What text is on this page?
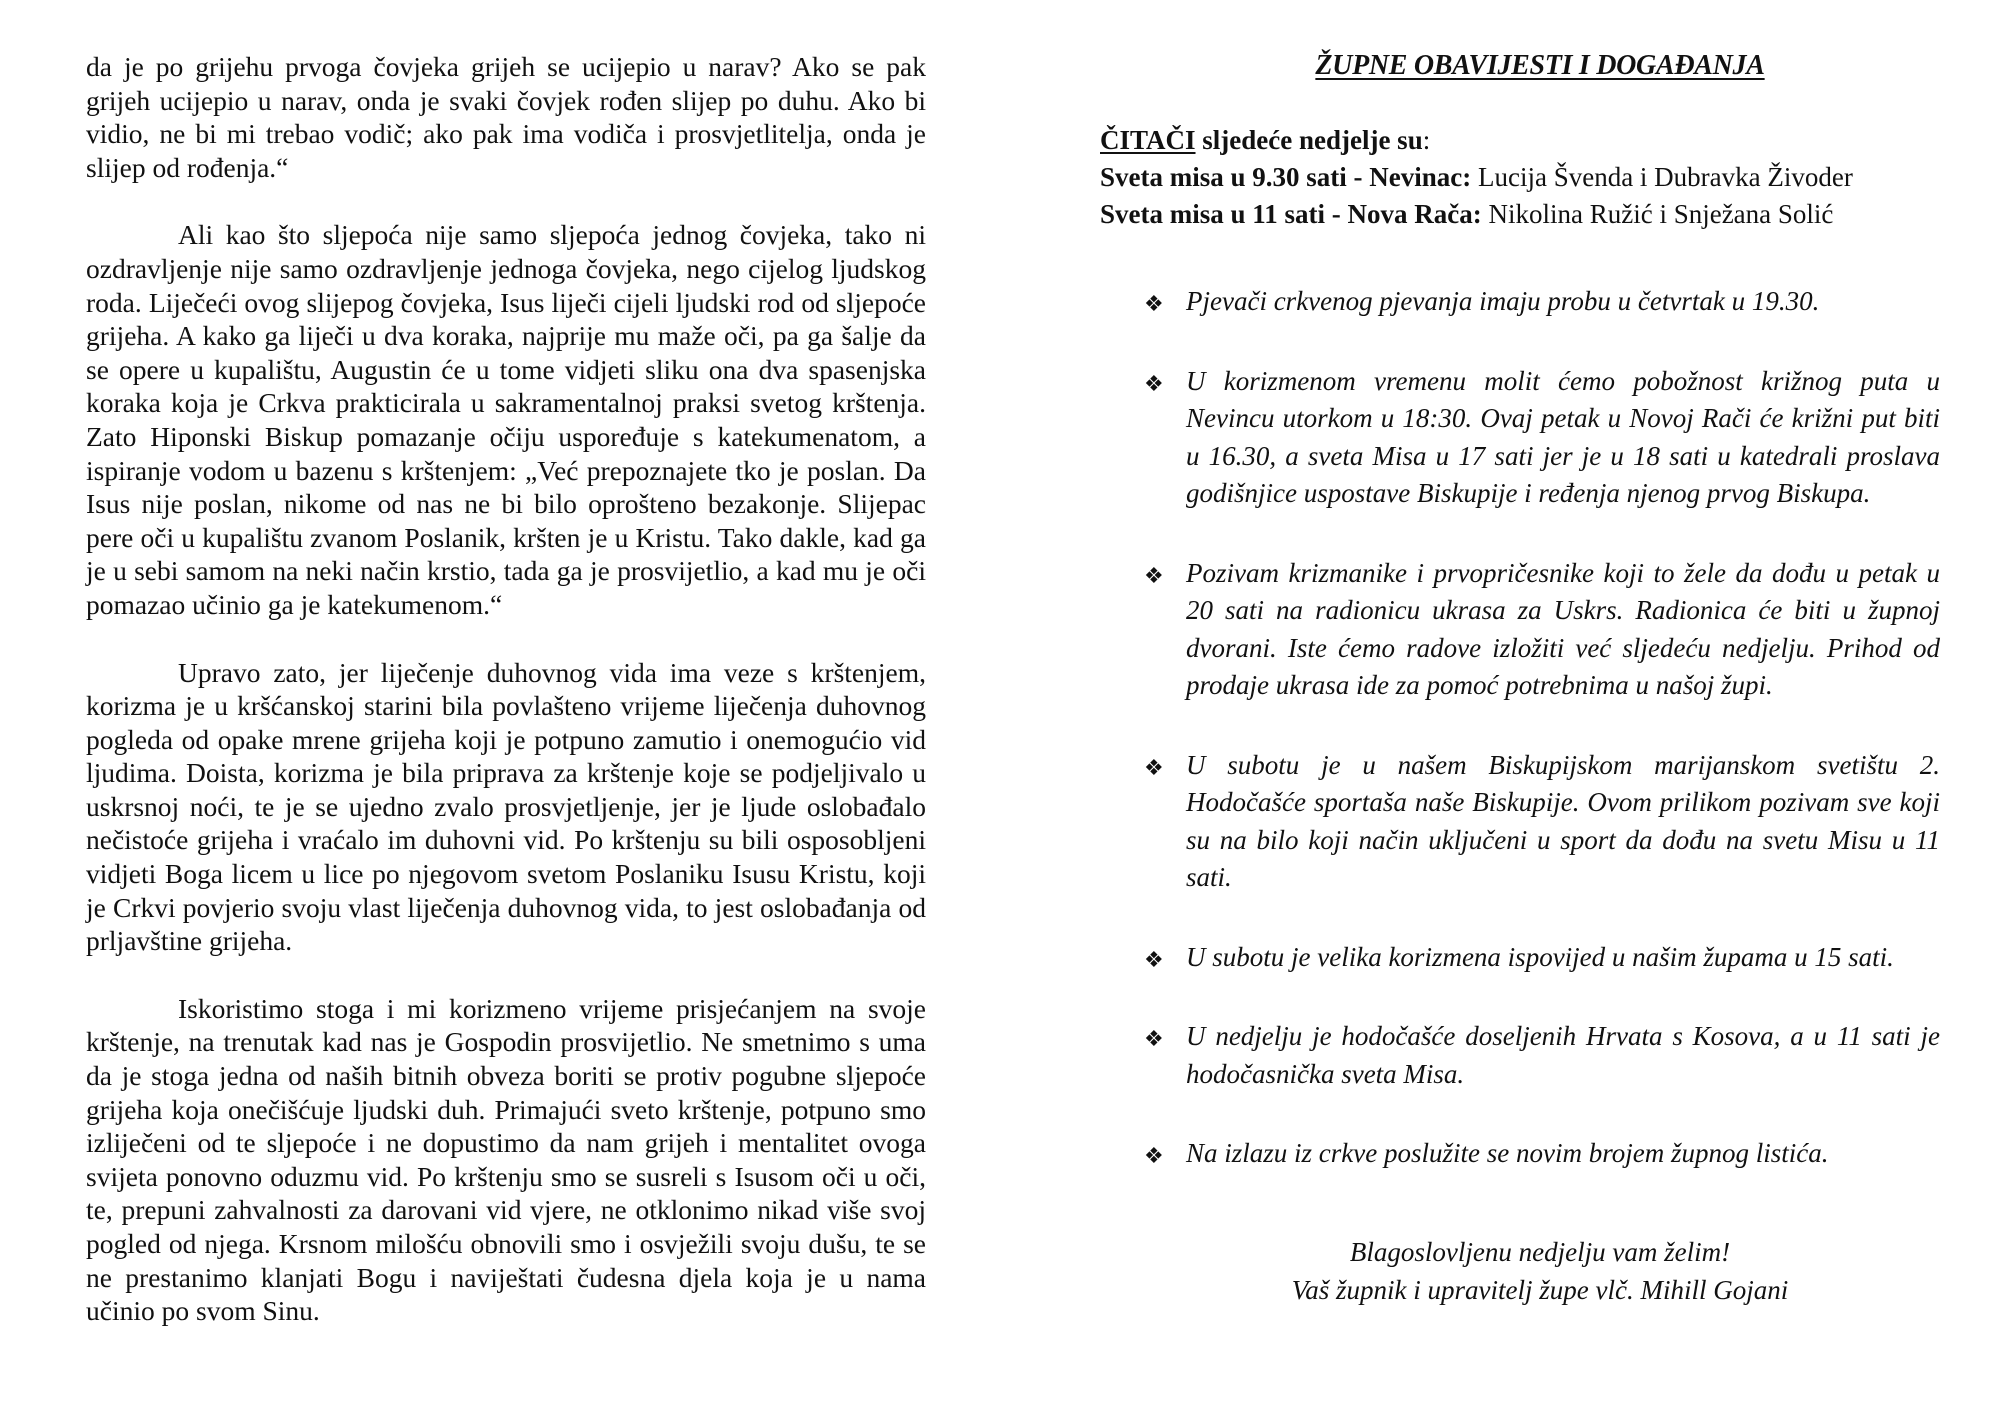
da je po grijehu prvoga čovjeka grijeh se ucijepio u narav? Ako se pak grijeh ucijepio u narav, onda je svaki čovjek rođen slijep po duhu. Ako bi vidio, ne bi mi trebao vodič; ako pak ima vodiča i prosvjetlitelja, onda je slijep od rođenja.“

Ali kao što sljepoća nije samo sljepoća jednog čovjeka, tako ni ozdravljenje nije samo ozdravljenje jednoga čovjeka, nego cijelog ljudskog roda. Liječeći ovog slijepog čovjeka, Isus liječi cijeli ljudski rod od sljepoće grijeha. A kako ga liječi u dva koraka, najprije mu maže oči, pa ga šalje da se opere u kupalištu, Augustin će u tome vidjeti sliku ona dva spasenjska koraka koja je Crkva prakticirala u sakramentalnoj praksi svetog krštenja. Zato Hiponski Biskup pomazanje očiju uspoređuje s katekumenatom, a ispiranje vodom u bazenu s krštenjem: „Već prepoznajete tko je poslan. Da Isus nije poslan, nikome od nas ne bi bilo oprošteno bezakonje. Slijepac pere oči u kupalištu zvanom Poslanik, kršten je u Kristu. Tako dakle, kad ga je u sebi samom na neki način krstio, tada ga je prosvijetlio, a kad mu je oči pomazao učinio ga je katekumenom.“

Upravo zato, jer liječenje duhovnog vida ima veze s krštenjem, korizma je u kršćanskoj starini bila povlašteno vrijeme liječenja duhovnog pogleda od opake mrene grijeha koji je potpuno zamutio i onemogućio vid ljudima. Doista, korizma je bila priprava za krštenje koje se podjeljivalo u uskrsnoj noći, te je se ujedno zvalo prosvjetljenje, jer je ljude oslobađalo nečistoće grijeha i vraćalo im duhovni vid. Po krštenju su bili osposobljeni vidjeti Boga licem u lice po njegovom svetom Poslaniku Isusu Kristu, koji je Crkvi povjerio svoju vlast liječenja duhovnog vida, to jest oslobađanja od prljavštine grijeha.

Iskoristimo stoga i mi korizmeno vrijeme prisjećanjem na svoje krštenje, na trenutak kad nas je Gospodin prosvijetlio. Ne smetnimo s uma da je stoga jedna od naših bitnih obveza boriti se protiv pogubne sljepoće grijeha koja onečišćuje ljudski duh. Primajući sveto krštenje, potpuno smo izliječeni od te sljepoće i ne dopustimo da nam grijeh i mentalitet ovoga svijeta ponovno oduzmu vid. Po krštenju smo se susreli s Isusom oči u oči, te, prepuni zahvalnosti za darovani vid vjere, ne otklonimo nikad više svoj pogled od njega. Krsnom milošću obnovili smo i osvježili svoju dušu, te se ne prestanimo klanjati Bogu i naviještati čudesna djela koja je u nama učinio po svom Sinu.

ŽUPNE OBAVIJESTI I DOGAĐANJA
ČITAČI sljedeće nedjelje su:
Sveta misa u 9.30 sati - Nevinac: Lucija Švenda i Dubravka Živoder
Sveta misa u 11 sati - Nova Rača: Nikolina Ružić i Snježana Solić
❖ Pjevači crkvenog pjevanja imaju probu u četvrtak u 19.30.
❖ U korizmenom vremenu molit ćemo pobožnost križnog puta u Nevincu utorkom u 18:30. Ovaj petak u Novoj Rači će križni put biti u 16.30, a sveta Misa u 17 sati jer je u 18 sati u katedrali proslava godišnjice uspostave Biskupije i ređenja njenog prvog Biskupa.
❖ Pozivam krizmanike i prvopričesnike koji to žele da dođu u petak u 20 sati na radionicu ukrasa za Uskrs. Radionica će biti u župnoj dvorani. Iste ćemo radove izložiti već sljedeću nedjelju. Prihod od prodaje ukrasa ide za pomoć potrebnima u našoj župi.
❖ U subotu je u našem Biskupijskom marijanskom svetištu 2. Hodočašće sportaša naše Biskupije. Ovom prilikom pozivam sve koji su na bilo koji način uključeni u sport da dođu na svetu Misu u 11 sati.
❖ U subotu je velika korizmena ispovijed u našim župama u 15 sati.
❖ U nedjelju je hodočašće doseljenih Hrvata s Kosova, a u 11 sati je hodočasnička sveta Misa.
❖ Na izlazu iz crkve poslužite se novim brojem župnog listića.
Blagoslovljenu nedjelju vam želim!
Vaš župnik i upravitelj župe vlč. Mihill Gojani
